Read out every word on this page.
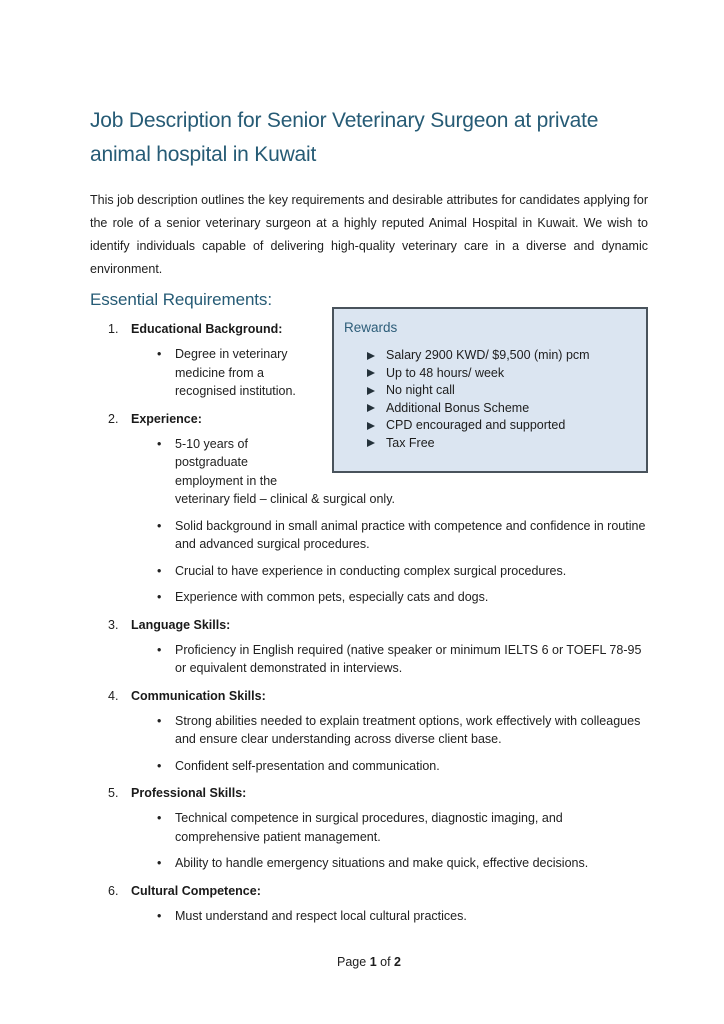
Job Description for Senior Veterinary Surgeon at private
animal hospital in Kuwait

This job description outlines the key requirements and desirable attributes for candidates applying for the role of a senior veterinary surgeon at a highly reputed Animal Hospital in Kuwait. We wish to identify individuals capable of delivering high-quality veterinary care in a diverse and dynamic environment.

Essential Requirements:
Rewards
Salary 2900 KWD/ $9,500 (min) pcm
Up to 48 hours/ week
No night call
Additional Bonus Scheme
CPD encouraged and supported
Tax Free
1. Educational Background:
• Degree in veterinary medicine from a recognised institution.
2. Experience:
• 5-10 years of postgraduate employment in the veterinary field – clinical & surgical only.
• Solid background in small animal practice with competence and confidence in routine and advanced surgical procedures.
• Crucial to have experience in conducting complex surgical procedures.
• Experience with common pets, especially cats and dogs.
3. Language Skills:
• Proficiency in English required (native speaker or minimum IELTS 6 or TOEFL 78-95 or equivalent demonstrated in interviews.
4. Communication Skills:
• Strong abilities needed to explain treatment options, work effectively with colleagues and ensure clear understanding across diverse client base.
• Confident self-presentation and communication.
5. Professional Skills:
• Technical competence in surgical procedures, diagnostic imaging, and comprehensive patient management.
• Ability to handle emergency situations and make quick, effective decisions.
6. Cultural Competence:
• Must understand and respect local cultural practices.
Page 1 of 2
